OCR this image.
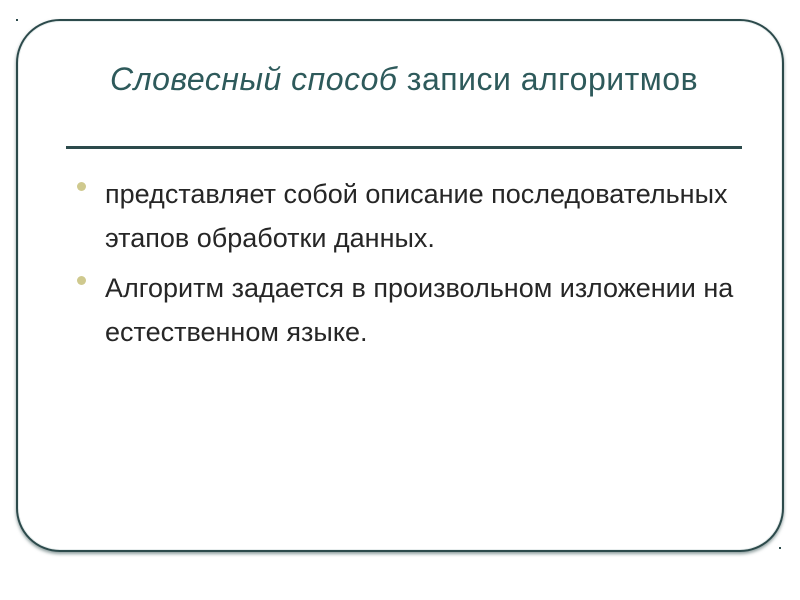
Словесный способ записи алгоритмов
представляет собой описание последовательных этапов обработки данных.
Алгоритм задается в произвольном изложении на естественном языке.
